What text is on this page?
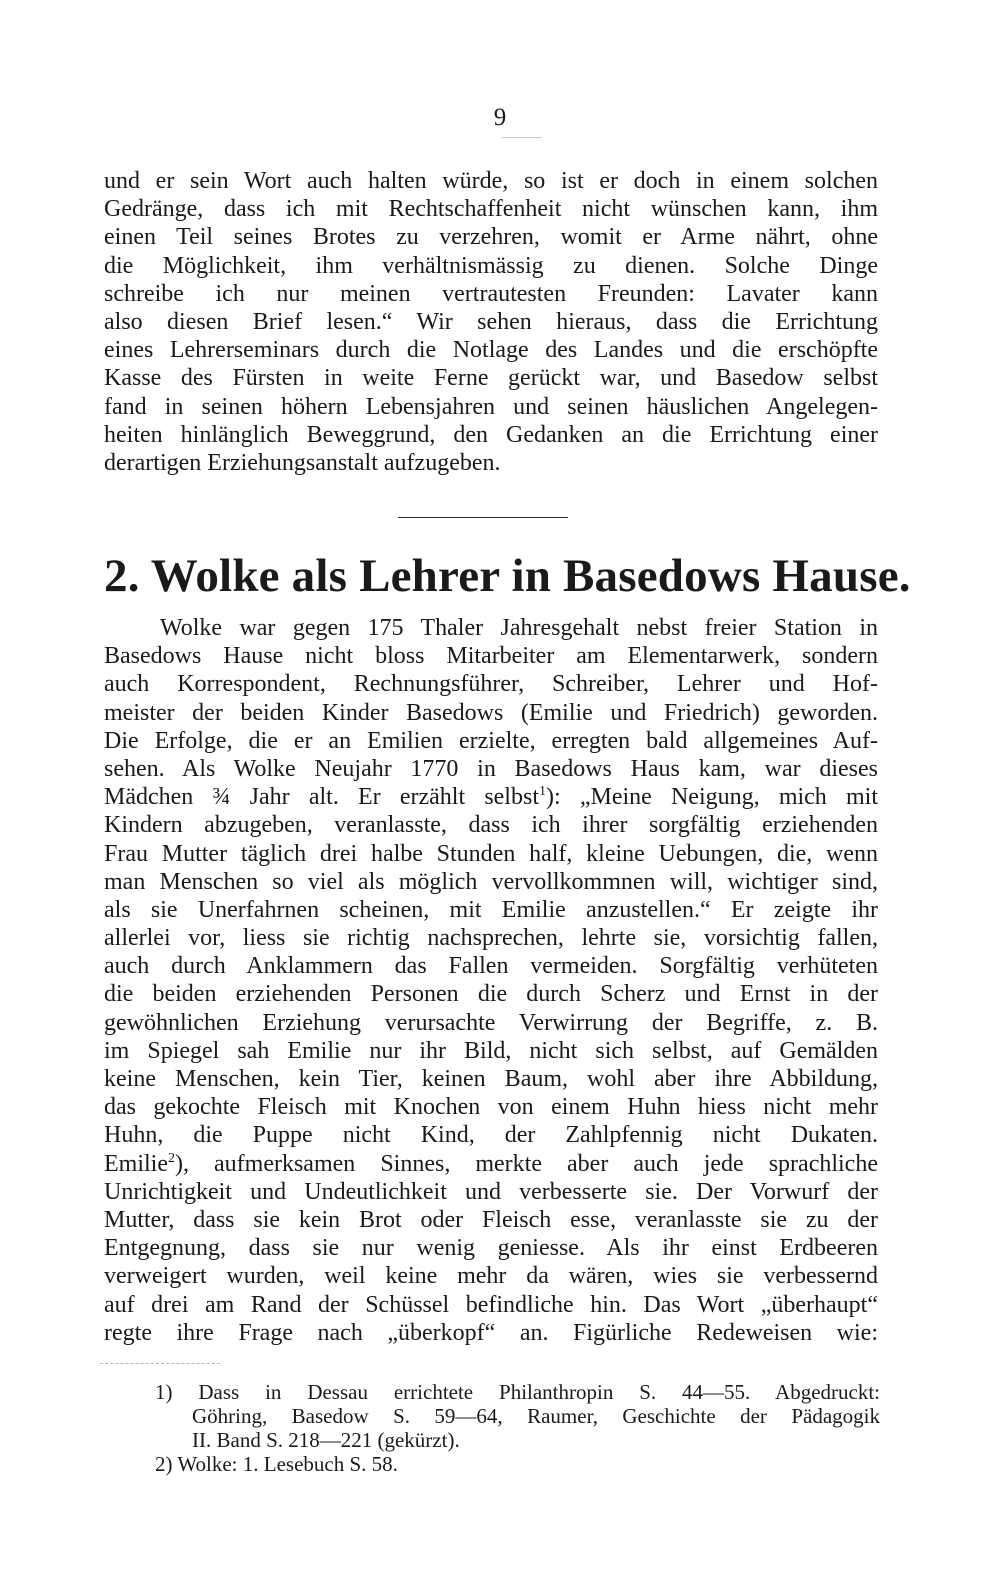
9
und er sein Wort auch halten würde, so ist er doch in einem solchen
Gedränge, dass ich mit Rechtschaffenheit nicht wünschen kann, ihm
einen Teil seines Brotes zu verzehren, womit er Arme nährt, ohne
die Möglichkeit, ihm verhältnismässig zu dienen. Solche Dinge
schreibe ich nur meinen vertrautesten Freunden: Lavater kann
also diesen Brief lesen.“ Wir sehen hieraus, dass die Errichtung
eines Lehrerseminars durch die Notlage des Landes und die erschöpfte
Kasse des Fürsten in weite Ferne gerückt war, und Basedow selbst
fand in seinen höhern Lebensjahren und seinen häuslichen Angelegen-
heiten hinlänglich Beweggrund, den Gedanken an die Errichtung einer
derartigen Erziehungsanstalt aufzugeben.
2. Wolke als Lehrer in Basedows Hause.
Wolke war gegen 175 Thaler Jahresgehalt nebst freier Station in
Basedows Hause nicht bloss Mitarbeiter am Elementarwerk, sondern
auch Korrespondent, Rechnungsführer, Schreiber, Lehrer und Hof-
meister der beiden Kinder Basedows (Emilie und Friedrich) geworden.
Die Erfolge, die er an Emilien erzielte, erregten bald allgemeines Auf-
sehen. Als Wolke Neujahr 1770 in Basedows Haus kam, war dieses
Mädchen ¾ Jahr alt. Er erzählt selbst$^1$): „Meine Neigung, mich mit
Kindern abzugeben, veranlasste, dass ich ihrer sorgfältig erziehenden
Frau Mutter täglich drei halbe Stunden half, kleine Uebungen, die, wenn
man Menschen so viel als möglich vervollkommnen will, wichtiger sind,
als sie Unerfahrnen scheinen, mit Emilie anzustellen.“ Er zeigte ihr
allerlei vor, liess sie richtig nachsprechen, lehrte sie, vorsichtig fallen,
auch durch Anklammern das Fallen vermeiden. Sorgfältig verhüteten
die beiden erziehenden Personen die durch Scherz und Ernst in der
gewöhnlichen Erziehung verursachte Verwirrung der Begriffe, z. B.
im Spiegel sah Emilie nur ihr Bild, nicht sich selbst, auf Gemälden
keine Menschen, kein Tier, keinen Baum, wohl aber ihre Abbildung,
das gekochte Fleisch mit Knochen von einem Huhn hiess nicht mehr
Huhn, die Puppe nicht Kind, der Zahlpfennig nicht Dukaten.
Emilie$^2$), aufmerksamen Sinnes, merkte aber auch jede sprachliche
Unrichtigkeit und Undeutlichkeit und verbesserte sie. Der Vorwurf der
Mutter, dass sie kein Brot oder Fleisch esse, veranlasste sie zu der
Entgegnung, dass sie nur wenig geniesse. Als ihr einst Erdbeeren
verweigert wurden, weil keine mehr da wären, wies sie verbessernd
auf drei am Rand der Schüssel befindliche hin. Das Wort „überhaupt“
regte ihre Frage nach „überkopf“ an. Figürliche Redeweisen wie:
1) Dass in Dessau errichtete Philanthropin S. 44—55. Abgedruckt:
Göhring, Basedow S. 59—64, Raumer, Geschichte der Pädagogik
II. Band S. 218—221 (gekürzt).
2) Wolke: 1. Lesebuch S. 58.
